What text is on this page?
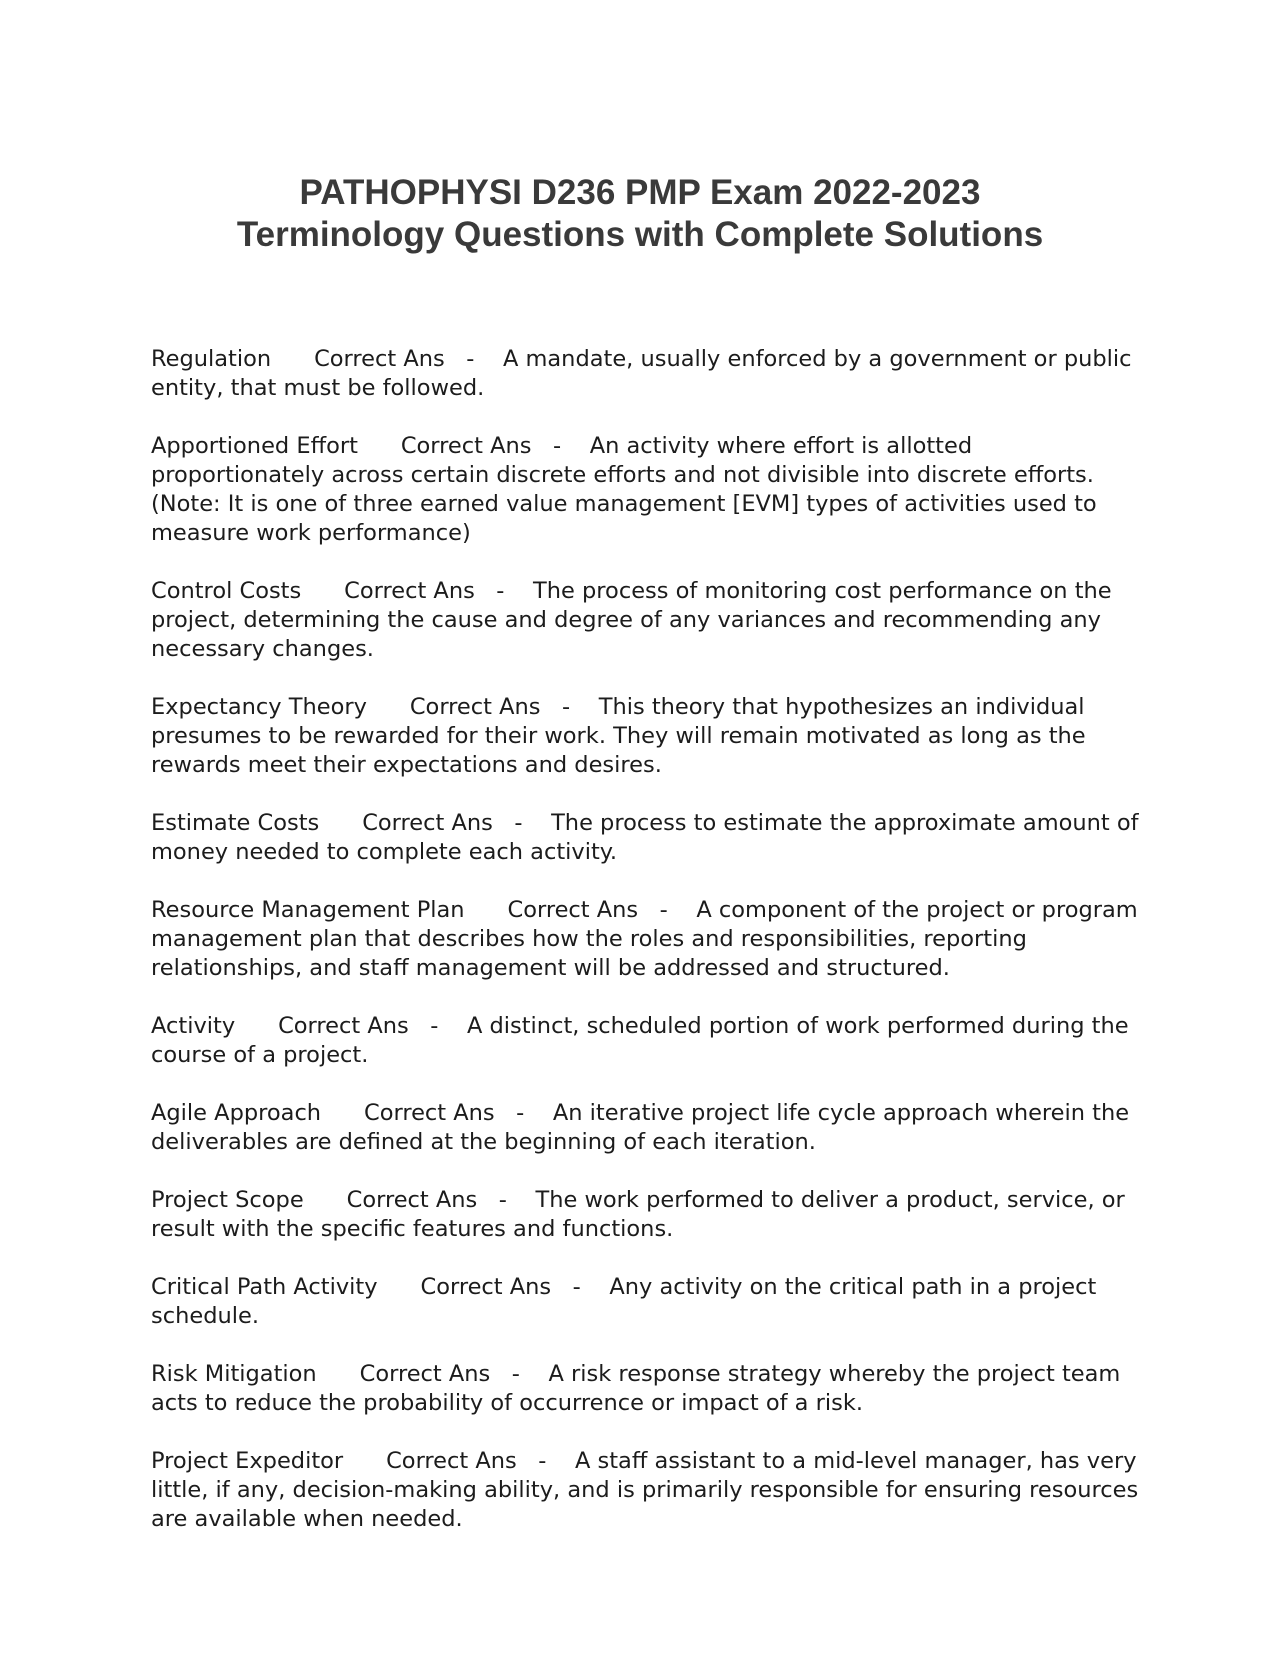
PATHOPHYSI D236 PMP Exam 2022-2023
Terminology Questions with Complete Solutions

Regulation Correct Ans - A mandate, usually enforced by a government or public entity, that must be followed.

Apportioned Effort Correct Ans - An activity where effort is allotted proportionately across certain discrete efforts and not divisible into discrete efforts. (Note: It is one of three earned value management [EVM] types of activities used to measure work performance)

Control Costs Correct Ans - The process of monitoring cost performance on the project, determining the cause and degree of any variances and recommending any necessary changes.

Expectancy Theory Correct Ans - This theory that hypothesizes an individual presumes to be rewarded for their work. They will remain motivated as long as the rewards meet their expectations and desires.

Estimate Costs Correct Ans - The process to estimate the approximate amount of money needed to complete each activity.

Resource Management Plan Correct Ans - A component of the project or program management plan that describes how the roles and responsibilities, reporting relationships, and staff management will be addressed and structured.

Activity Correct Ans - A distinct, scheduled portion of work performed during the course of a project.

Agile Approach Correct Ans - An iterative project life cycle approach wherein the deliverables are defined at the beginning of each iteration.

Project Scope Correct Ans - The work performed to deliver a product, service, or result with the specific features and functions.

Critical Path Activity Correct Ans - Any activity on the critical path in a project schedule.

Risk Mitigation Correct Ans - A risk response strategy whereby the project team acts to reduce the probability of occurrence or impact of a risk.

Project Expeditor Correct Ans - A staff assistant to a mid-level manager, has very little, if any, decision-making ability, and is primarily responsible for ensuring resources are available when needed.
